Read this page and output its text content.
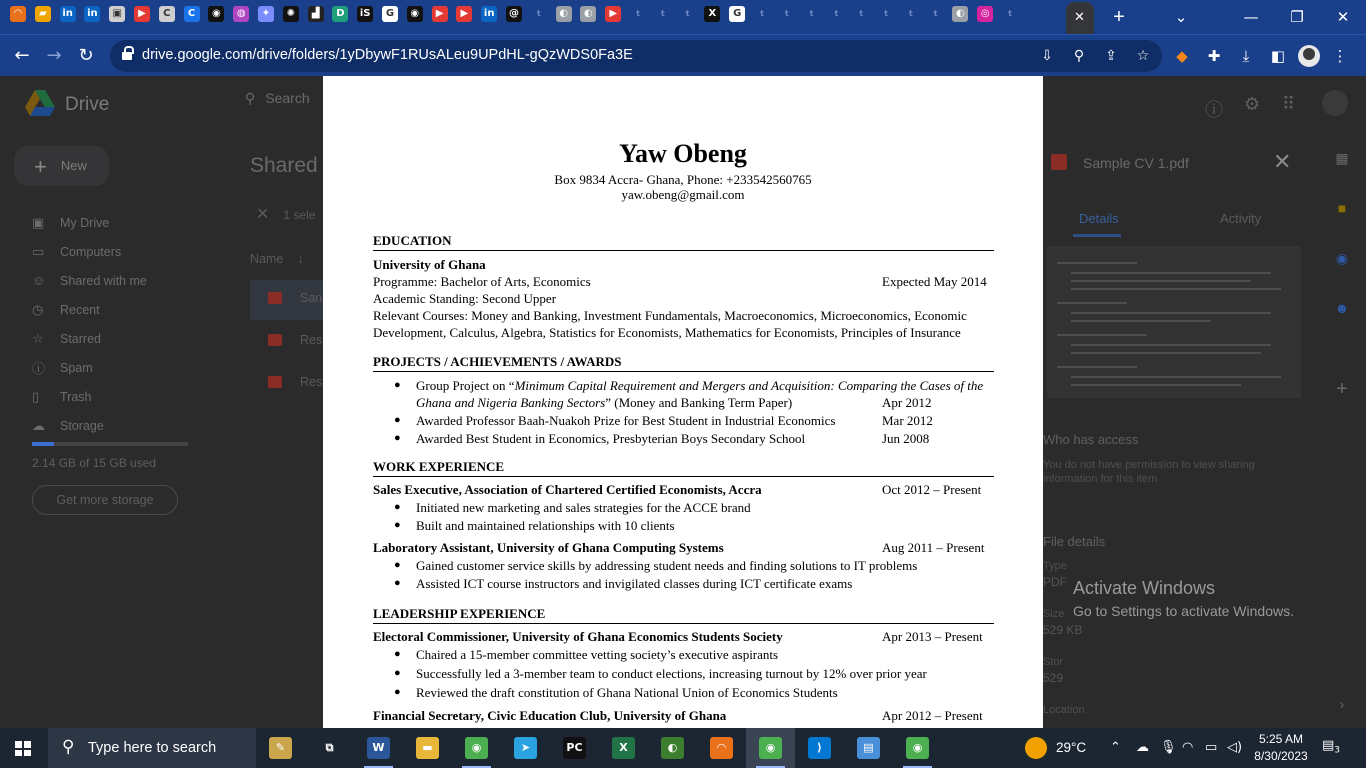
◠	▰	in in	▣	▶	C	C	◉	◍	✦	✺	▟	D	iS	G	◉	▶	▶	in	@	t	◐	◐	▶	t	t	t	X	G	t	t	t	t	t	t	t	t	◐	◎	t	✕ +	⌄	—	❐	✕
← → ↻	drive.google.com/drive/folders/1yDbywF1RUsALeu9UPdHL-gQzWDS0Fa3E	⇩	⚲	⇪	☆	◆	✚	⤓	◧	⋮
Drive	⚲ Search
+ New
▣	My Drive
▭	Computers
☺	Shared with me
◷	Recent
☆	Starred
ⓘ	Spam
▯	Trash
☁	Storage
2.14 GB of 15 GB used
Get more storage
Shared
✕ 1 sele
Name ↓
San
Res
Res
ⓘ ⚙ ⠿
Sample CV 1.pdf	✕
Details	Activity
Who has access
You do not have permission to view sharing information for this item
File details
Type
PDF
Size
529 KB
Stor
529
Location
▦
■
◉
☻
+
›
Activate Windows
Go to Settings to activate Windows.
Yaw Obeng
Box 9834 Accra- Ghana, Phone: +233542560765
yaw.obeng@gmail.com
EDUCATION
University of Ghana
Programme: Bachelor of Arts, Economics	Expected May 2014
Academic Standing: Second Upper
Relevant Courses: Money and Banking, Investment Fundamentals, Macroeconomics, Microeconomics, Economic
Development, Calculus, Algebra, Statistics for Economists, Mathematics for Economists, Principles of Insurance
PROJECTS / ACHIEVEMENTS / AWARDS
● Group Project on “Minimum Capital Requirement and Mergers and Acquisition: Comparing the Cases of the
Ghana and Nigeria Banking Sectors” (Money and Banking Term Paper)	Apr 2012
● Awarded Professor Baah-Nuakoh Prize for Best Student in Industrial Economics	Mar 2012
● Awarded Best Student in Economics, Presbyterian Boys Secondary School	Jun 2008
WORK EXPERIENCE
Sales Executive, Association of Chartered Certified Economists, Accra	Oct 2012 – Present
● Initiated new marketing and sales strategies for the ACCE brand
● Built and maintained relationships with 10 clients
Laboratory Assistant, University of Ghana Computing Systems	Aug 2011 – Present
● Gained customer service skills by addressing student needs and finding solutions to IT problems
● Assisted ICT course instructors and invigilated classes during ICT certificate exams
LEADERSHIP EXPERIENCE
Electoral Commissioner, University of Ghana Economics Students Society	Apr 2013 – Present
● Chaired a 15-member committee vetting society’s executive aspirants
● Successfully led a 3-member team to conduct elections, increasing turnout by 12% over prior year
● Reviewed the draft constitution of Ghana National Union of Economics Students
Financial Secretary, Civic Education Club, University of Ghana	Apr 2012 – Present
⚲ Type here to search	✎	⧉	W	▬	◉	➤	PC	X	◐	◠	◉	⟩	▤	◉	29°C ⌃ ☁ 🎙 ◠ ▭ ◁)
5:25 AM
8/30/2023
$▤_3$
